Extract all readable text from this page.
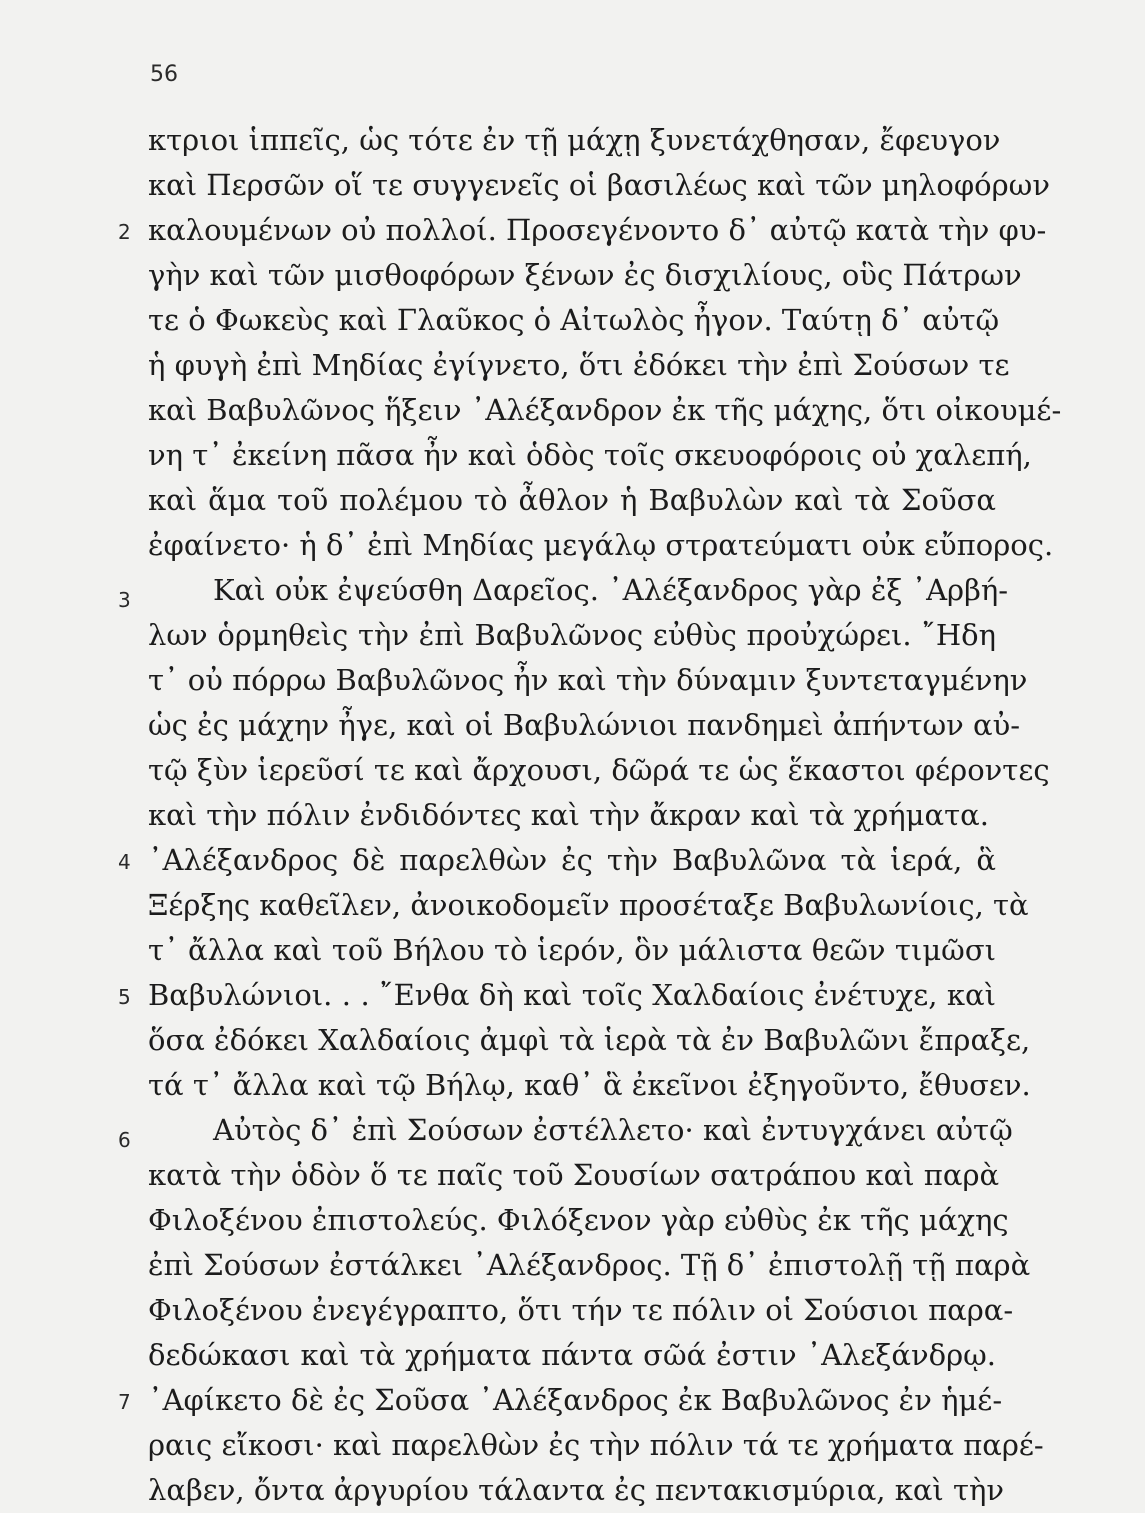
56
κτριοι ἱππεῖς, ὡς τότε ἐν τῇ μάχῃ ξυνετάχθησαν, ἔφευγον
καὶ Περσῶν οἵ τε συγγενεῖς οἱ βασιλέως καὶ τῶν μηλοφόρων
2 καλουμένων οὐ πολλοί. Προσεγένοντο δ᾽ αὐτῷ κατὰ τὴν φυ-
γὴν καὶ τῶν μισθοφόρων ξένων ἐς δισχιλίους, οὓς Πάτρων
τε ὁ Φωκεὺς καὶ Γλαῦκος ὁ Αἰτωλὸς ἦγον. Ταύτῃ δ᾽ αὐτῷ
ἡ φυγὴ ἐπὶ Μηδίας ἐγίγνετο, ὅτι ἐδόκει τὴν ἐπὶ Σούσων τε
καὶ Βαβυλῶνος ἥξειν ᾽Αλέξανδρον ἐκ τῆς μάχης, ὅτι οἰκουμέ-
νη τ᾽ ἐκείνη πᾶσα ἦν καὶ ὁδὸς τοῖς σκευοφόροις οὐ χαλεπή,
καὶ ἅμα τοῦ πολέμου τὸ ἆθλον ἡ Βαβυλὼν καὶ τὰ Σοῦσα
ἐφαίνετο· ἡ δ᾽ ἐπὶ Μηδίας μεγάλῳ στρατεύματι οὐκ εὔπορος.
3	Καὶ οὐκ ἐψεύσθη Δαρεῖος. ᾽Αλέξανδρος γὰρ ἐξ ᾽Αρβή-
λων ὁρμηθεὶς τὴν ἐπὶ Βαβυλῶνος εὐθὺς προὐχώρει. ῎Ηδη
τ᾽ οὐ πόρρω Βαβυλῶνος ἦν καὶ τὴν δύναμιν ξυντεταγμένην
ὡς ἐς μάχην ἦγε, καὶ οἱ Βαβυλώνιοι πανδημεὶ ἀπήντων αὐ-
τῷ ξὺν ἱερεῦσί τε καὶ ἄρχουσι, δῶρά τε ὡς ἕκαστοι φέροντες
καὶ τὴν πόλιν ἐνδιδόντες καὶ τὴν ἄκραν καὶ τὰ χρήματα.
4 ᾽Αλέξανδρος δὲ παρελθὼν ἐς τὴν Βαβυλῶνα τὰ ἱερά, ἃ
Ξέρξης καθεῖλεν, ἀνοικοδομεῖν προσέταξε Βαβυλωνίοις, τὰ
τ᾽ ἄλλα καὶ τοῦ Βήλου τὸ ἱερόν, ὃν μάλιστα θεῶν τιμῶσι
5 Βαβυλώνιοι. . . ῎Ενθα δὴ καὶ τοῖς Χαλδαίοις ἐνέτυχε, καὶ
ὅσα ἐδόκει Χαλδαίοις ἀμφὶ τὰ ἱερὰ τὰ ἐν Βαβυλῶνι ἔπραξε,
τά τ᾽ ἄλλα καὶ τῷ Βήλῳ, καθ᾽ ἃ ἐκεῖνοι ἐξηγοῦντο, ἔθυσεν.
6	Αὐτὸς δ᾽ ἐπὶ Σούσων ἐστέλλετο· καὶ ἐντυγχάνει αὐτῷ
κατὰ τὴν ὁδὸν ὅ τε παῖς τοῦ Σουσίων σατράπου καὶ παρὰ
Φιλοξένου ἐπιστολεύς. Φιλόξενον γὰρ εὐθὺς ἐκ τῆς μάχης
ἐπὶ Σούσων ἐστάλκει ᾽Αλέξανδρος. Τῇ δ᾽ ἐπιστολῇ τῇ παρὰ
Φιλοξένου ἐνεγέγραπτο, ὅτι τήν τε πόλιν οἱ Σούσιοι παρα-
δεδώκασι καὶ τὰ χρήματα πάντα σῶά ἐστιν ᾽Αλεξάνδρῳ.
7 ᾽Αφίκετο δὲ ἐς Σοῦσα ᾽Αλέξανδρος ἐκ Βαβυλῶνος ἐν ἡμέ-
ραις εἴκοσι· καὶ παρελθὼν ἐς τὴν πόλιν τά τε χρήματα παρέ-
λαβεν, ὄντα ἀργυρίου τάλαντα ἐς πεντακισμύρια, καὶ τὴν
